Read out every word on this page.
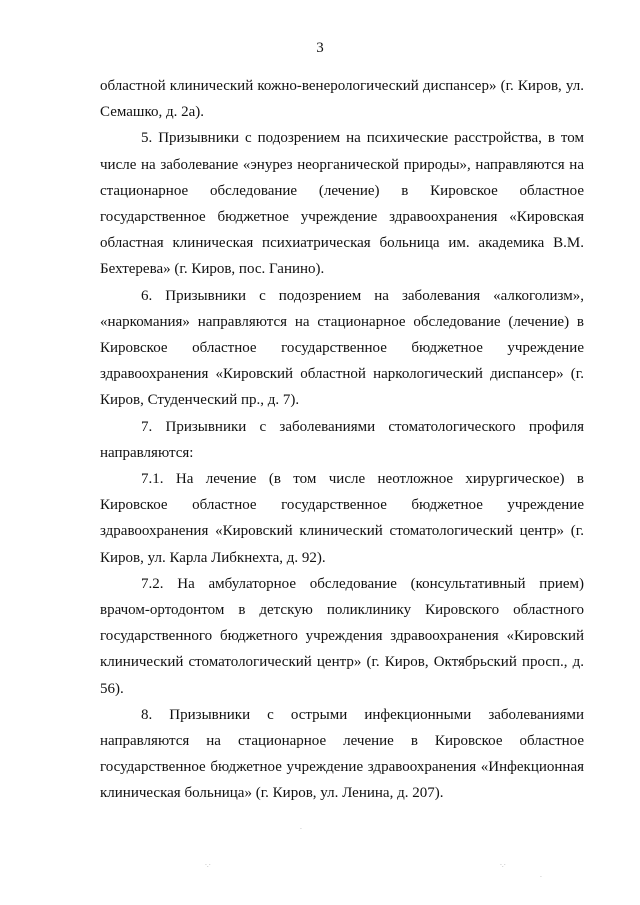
3

областной клинический кожно-венерологический диспансер» (г. Киров, ул. Семашко, д. 2а).

5. Призывники с подозрением на психические расстройства, в том числе на заболевание «энурез неорганической природы», направляются на стационарное обследование (лечение) в Кировское областное государственное бюджетное учреждение здравоохранения «Кировская областная клиническая психиатрическая больница им. академика В.М. Бехтерева» (г. Киров, пос. Ганино).

6. Призывники с подозрением на заболевания «алкоголизм», «наркомания» направляются на стационарное обследование (лечение) в Кировское областное государственное бюджетное учреждение здравоохранения «Кировский областной наркологический диспансер» (г. Киров, Студенческий пр., д. 7).

7. Призывники с заболеваниями стоматологического профиля направляются:

7.1. На лечение (в том числе неотложное хирургическое) в Кировское областное государственное бюджетное учреждение здравоохранения «Кировский клинический стоматологический центр» (г. Киров, ул. Карла Либкнехта, д. 92).

7.2. На амбулаторное обследование (консультативный прием) врачом-ортодонтом в детскую поликлинику Кировского областного государственного бюджетного учреждения здравоохранения «Кировский клинический стоматологический центр» (г. Киров, Октябрьский просп., д. 56).

8. Призывники с острыми инфекционными заболеваниями направляются на стационарное лечение в Кировское областное государственное бюджетное учреждение здравоохранения «Инфекционная клиническая больница» (г. Киров, ул. Ленина, д. 207).

·
·.·	·.·
·
